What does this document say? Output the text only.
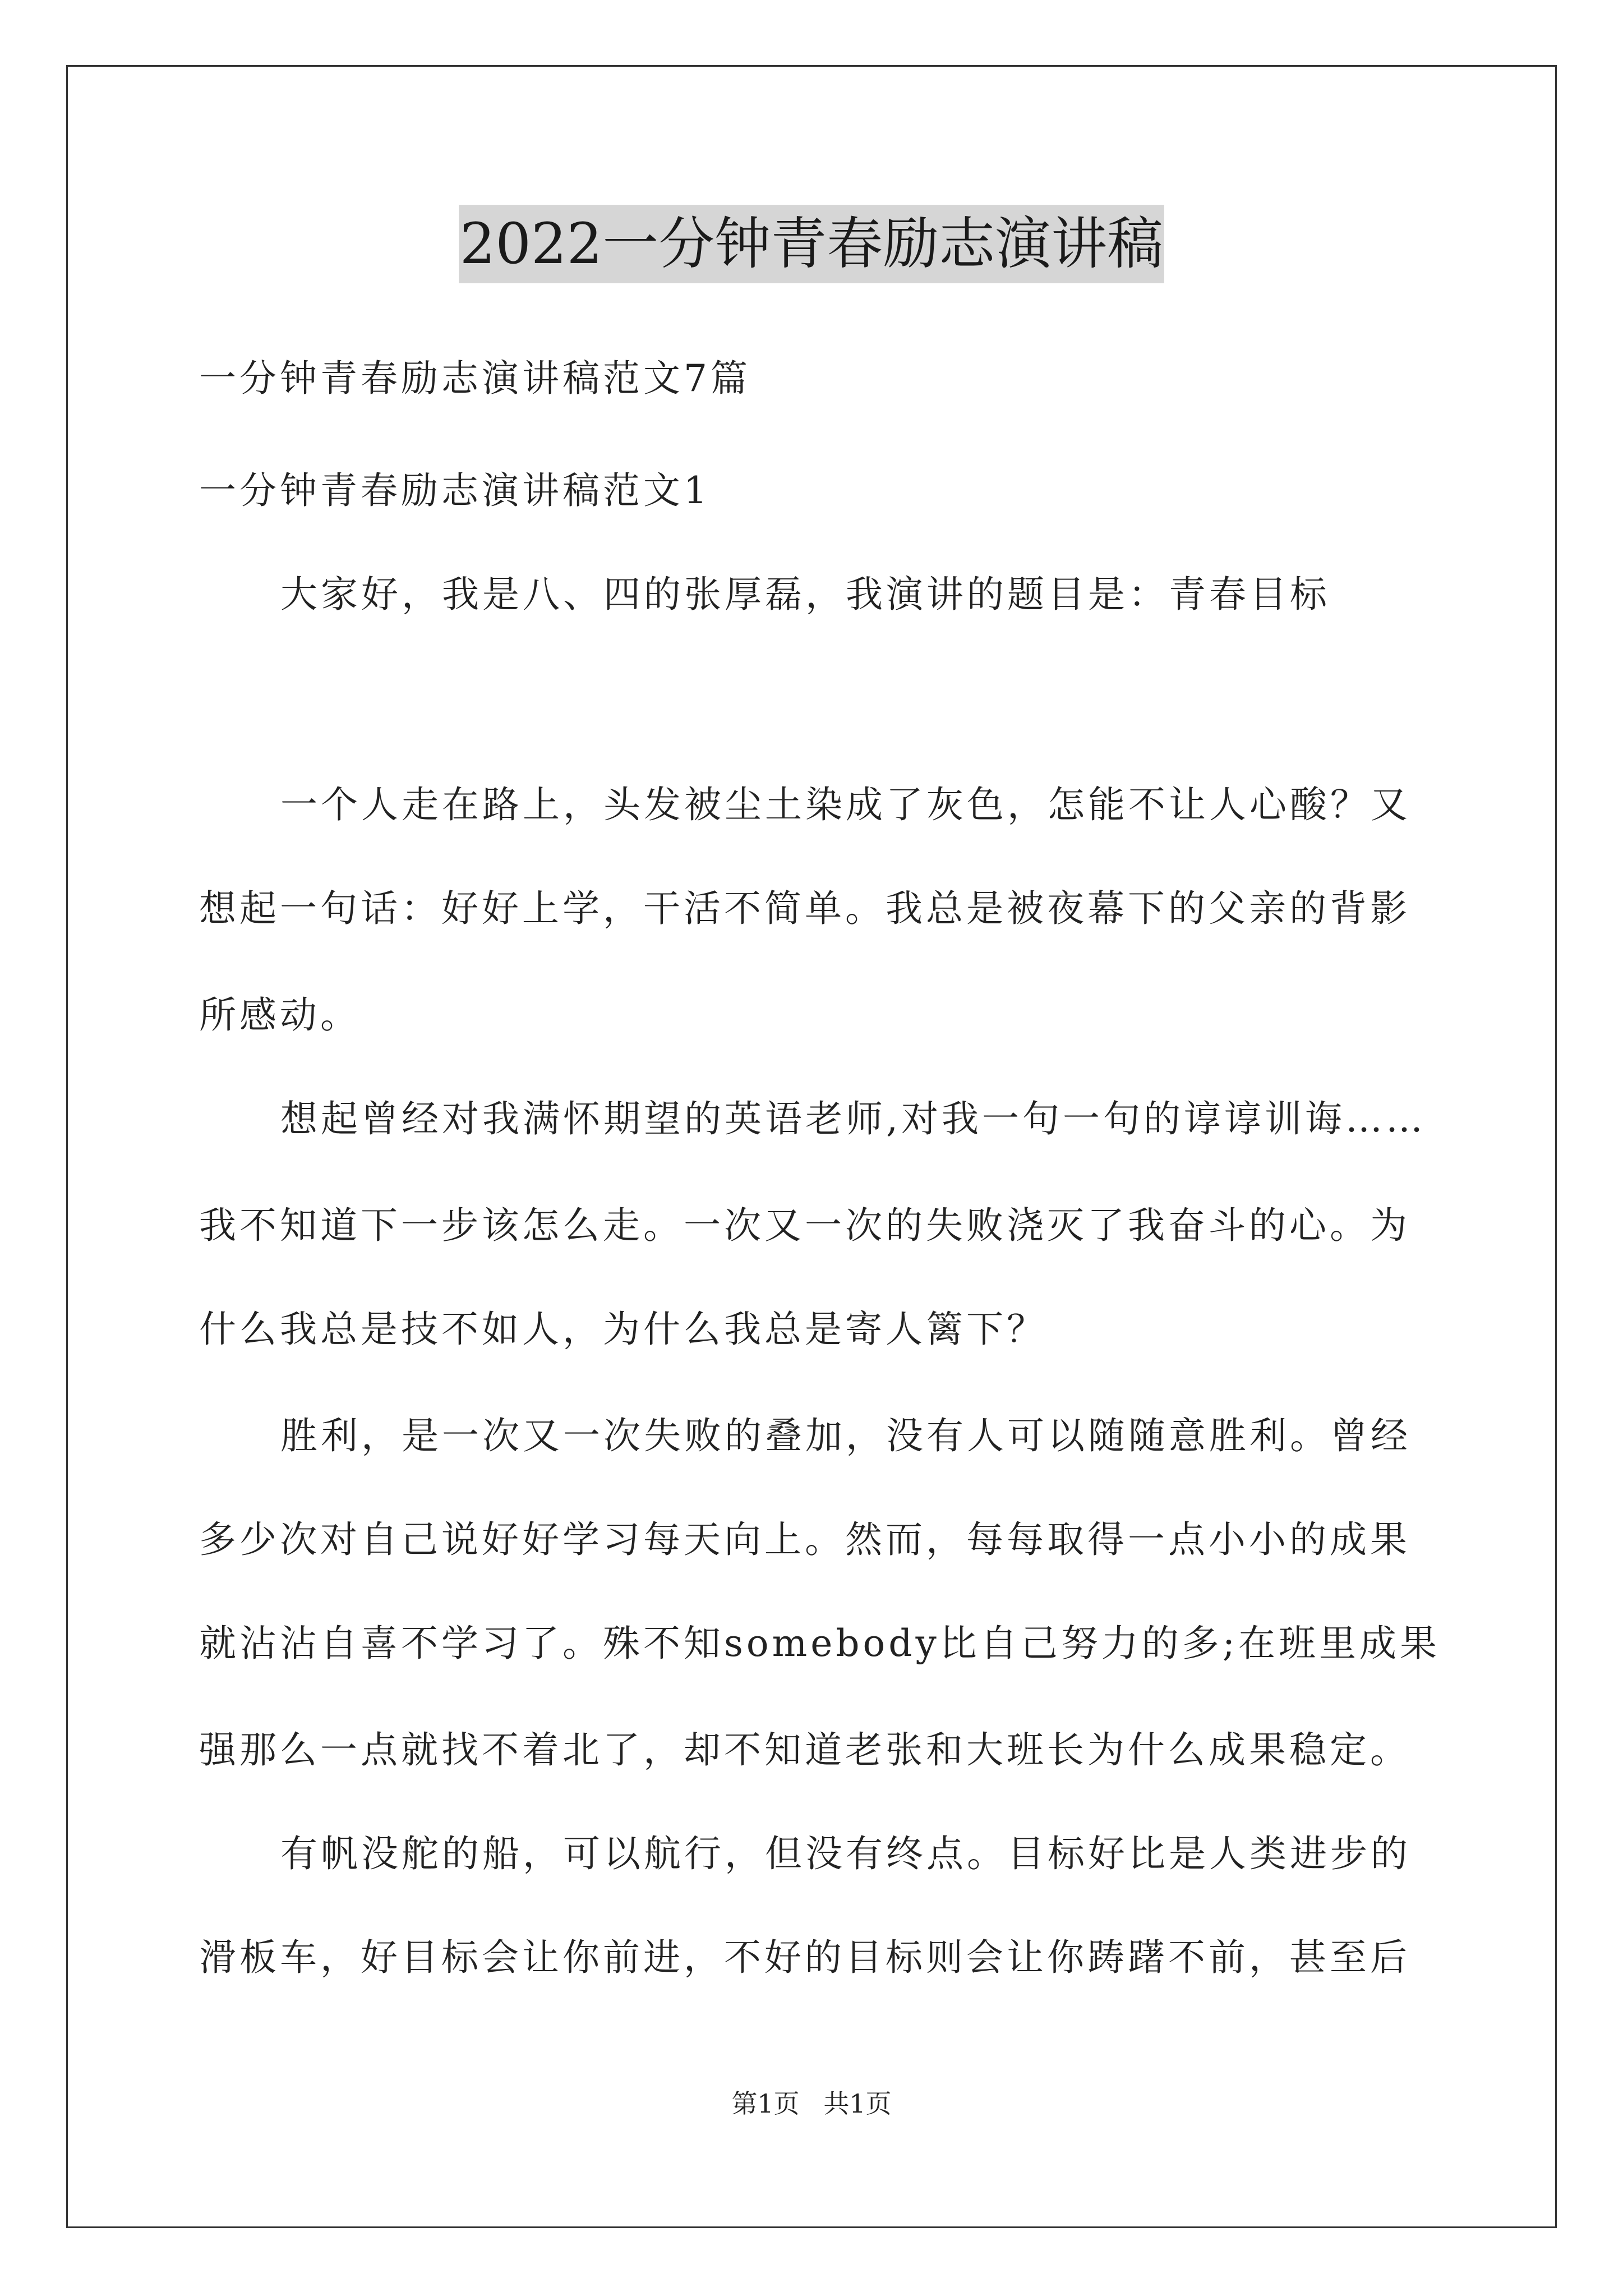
2022一分钟青春励志演讲稿
一分钟青春励志演讲稿范文7篇
一分钟青春励志演讲稿范文1
大家好，我是八、四的张厚磊，我演讲的题目是：青春目标
一个人走在路上，头发被尘土染成了灰色，怎能不让人心酸？又
想起一句话：好好上学，干活不简单。我总是被夜幕下的父亲的背影
所感动。
想起曾经对我满怀期望的英语老师,对我一句一句的谆谆训诲……
我不知道下一步该怎么走。一次又一次的失败浇灭了我奋斗的心。为
什么我总是技不如人，为什么我总是寄人篱下？
胜利，是一次又一次失败的叠加，没有人可以随随意胜利。曾经
多少次对自己说好好学习每天向上。然而，每每取得一点小小的成果
就沾沾自喜不学习了。殊不知somebody比自己努力的多;在班里成果
强那么一点就找不着北了，却不知道老张和大班长为什么成果稳定。
有帆没舵的船，可以航行，但没有终点。目标好比是人类进步的
滑板车，好目标会让你前进，不好的目标则会让你踌躇不前，甚至后
第1页 共1页
